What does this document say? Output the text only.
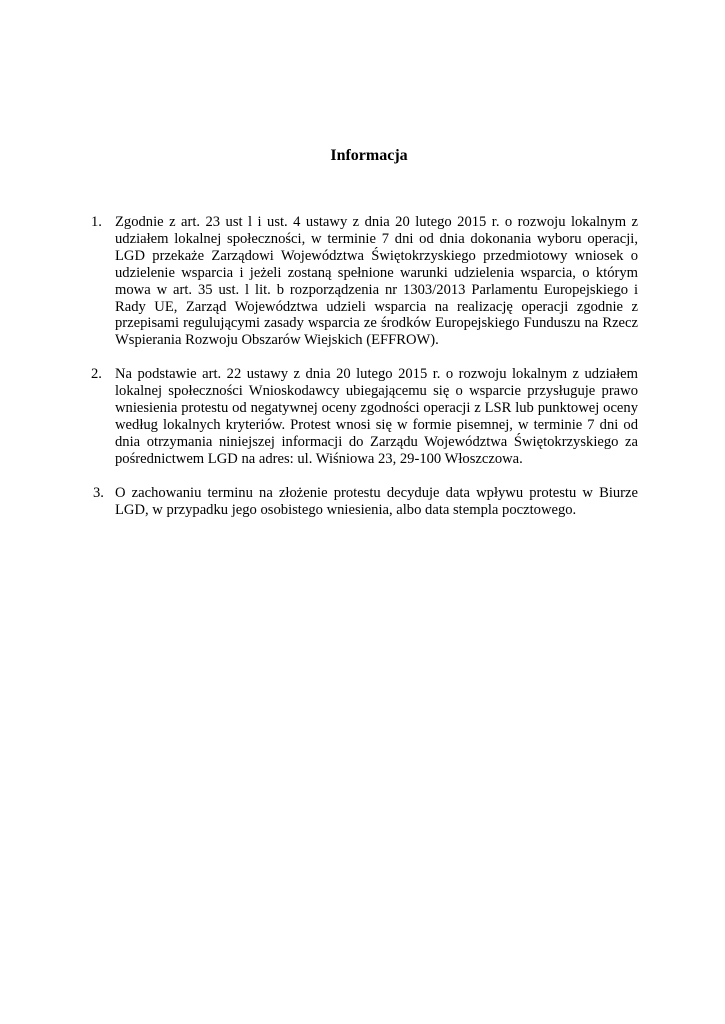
Informacja
1. Zgodnie z art. 23 ust l i ust. 4 ustawy z dnia 20 lutego 2015 r. o rozwoju lokalnym z udziałem lokalnej społeczności, w terminie 7 dni od dnia dokonania wyboru operacji, LGD przekaże Zarządowi Województwa Świętokrzyskiego przedmiotowy wniosek o udzielenie wsparcia i jeżeli zostaną spełnione warunki udzielenia wsparcia, o którym mowa w art. 35 ust. l lit. b rozporządzenia nr 1303/2013 Parlamentu Europejskiego i Rady UE, Zarząd Województwa udzieli wsparcia na realizację operacji zgodnie z przepisami regulującymi zasady wsparcia ze środków Europejskiego Funduszu na Rzecz Wspierania Rozwoju Obszarów Wiejskich (EFFROW).
2. Na podstawie art. 22 ustawy z dnia 20 lutego 2015 r. o rozwoju lokalnym z udziałem lokalnej społeczności Wnioskodawcy ubiegającemu się o wsparcie przysługuje prawo wniesienia protestu od negatywnej oceny zgodności operacji z LSR lub punktowej oceny według lokalnych kryteriów. Protest wnosi się w formie pisemnej, w terminie 7 dni od dnia otrzymania niniejszej informacji do Zarządu Województwa Świętokrzyskiego za pośrednictwem LGD na adres: ul. Wiśniowa 23, 29-100 Włoszczowa.
3. O zachowaniu terminu na złożenie protestu decyduje data wpływu protestu w Biurze LGD, w przypadku jego osobistego wniesienia, albo data stempla pocztowego.
